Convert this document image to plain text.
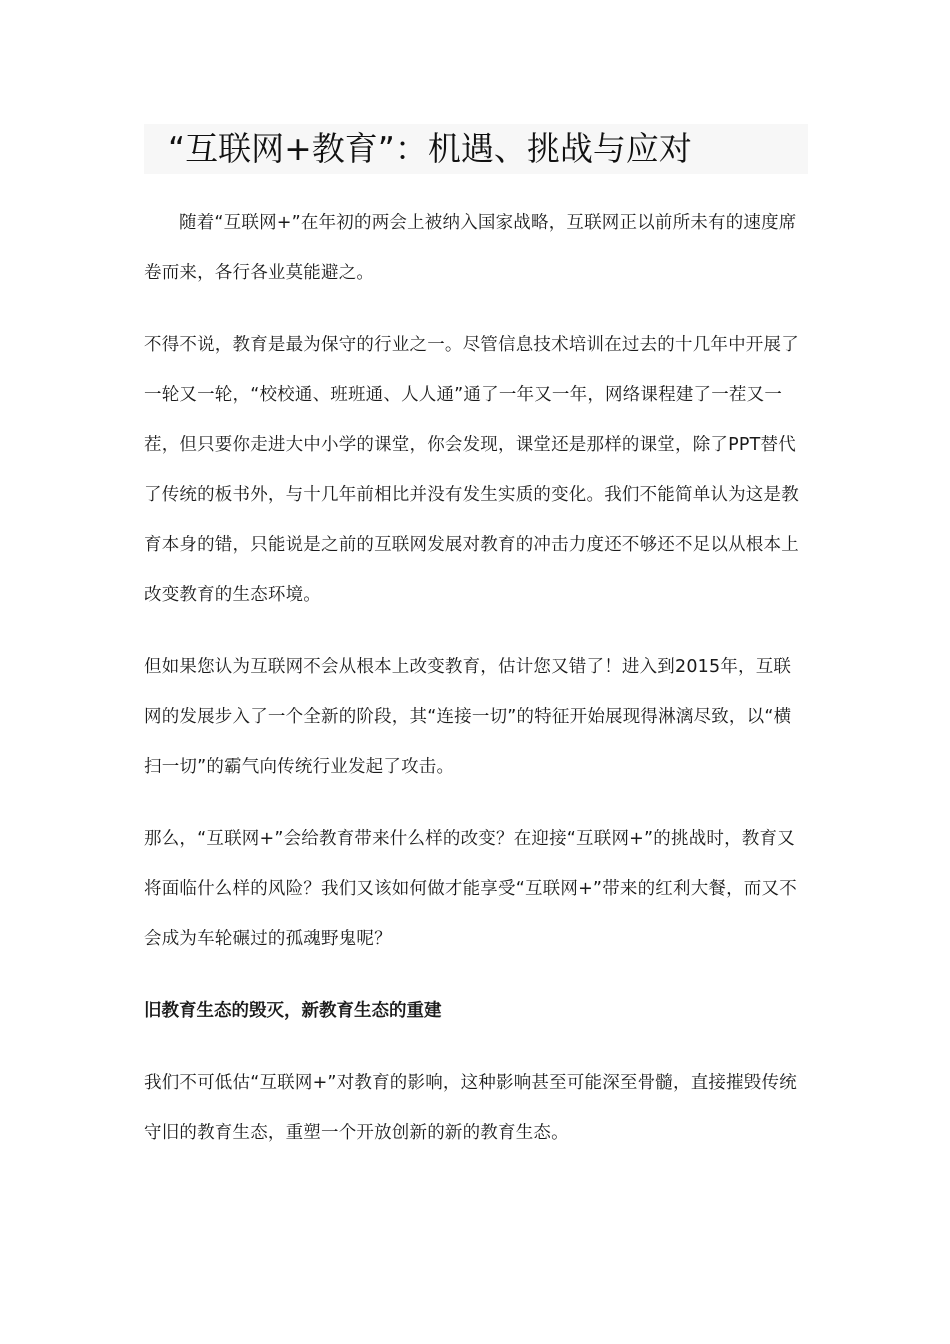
“互联网+教育”：机遇、挑战与应对

随着“互联网+”在年初的两会上被纳入国家战略，互联网正以前所未有的速度席卷而来，各行各业莫能避之。

不得不说，教育是最为保守的行业之一。尽管信息技术培训在过去的十几年中开展了一轮又一轮，“校校通、班班通、人人通”通了一年又一年，网络课程建了一茬又一茬，但只要你走进大中小学的课堂，你会发现，课堂还是那样的课堂，除了PPT替代了传统的板书外，与十几年前相比并没有发生实质的变化。我们不能简单认为这是教育本身的错，只能说是之前的互联网发展对教育的冲击力度还不够还不足以从根本上改变教育的生态环境。

但如果您认为互联网不会从根本上改变教育，估计您又错了！进入到2015年，互联网的发展步入了一个全新的阶段，其“连接一切”的特征开始展现得淋漓尽致，以“横扫一切”的霸气向传统行业发起了攻击。

那么，“互联网+”会给教育带来什么样的改变？在迎接“互联网+”的挑战时，教育又将面临什么样的风险？我们又该如何做才能享受“互联网+”带来的红利大餐，而又不会成为车轮碾过的孤魂野鬼呢？

旧教育生态的毁灭，新教育生态的重建

我们不可低估“互联网+”对教育的影响，这种影响甚至可能深至骨髓，直接摧毁传统守旧的教育生态，重塑一个开放创新的新的教育生态。
